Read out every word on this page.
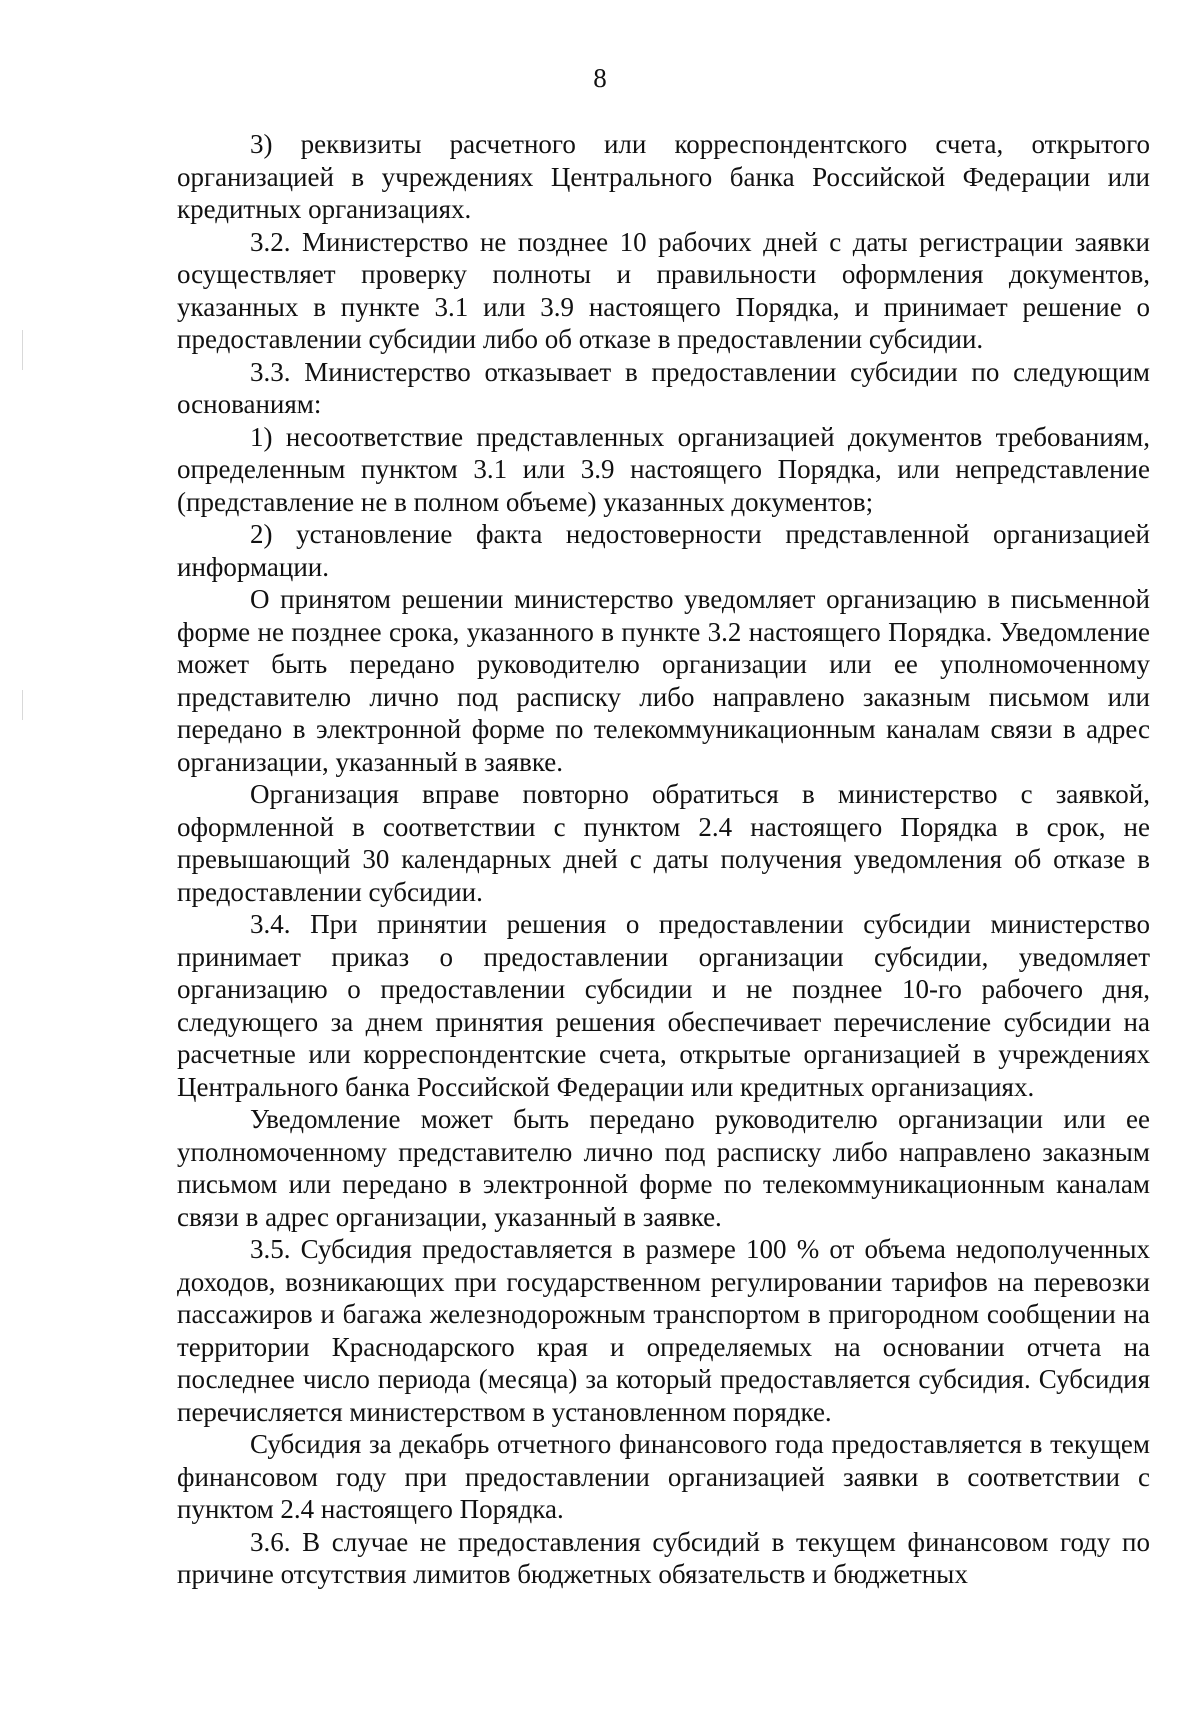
8

3) реквизиты расчетного или корреспондентского счета, открытого организацией в учреждениях Центрального банка Российской Федерации или кредитных организациях.

3.2. Министерство не позднее 10 рабочих дней с даты регистрации заявки осуществляет проверку полноты и правильности оформления документов, указанных в пункте 3.1 или 3.9 настоящего Порядка, и принимает решение о предоставлении субсидии либо об отказе в предоставлении субсидии.

3.3. Министерство отказывает в предоставлении субсидии по следующим основаниям:

1) несоответствие представленных организацией документов требованиям, определенным пунктом 3.1 или 3.9 настоящего Порядка, или непредставление (представление не в полном объеме) указанных документов;

2) установление факта недостоверности представленной организацией информации.

О принятом решении министерство уведомляет организацию в письменной форме не позднее срока, указанного в пункте 3.2 настоящего Порядка. Уведомление может быть передано руководителю организации или ее уполномоченному представителю лично под расписку либо направлено заказным письмом или передано в электронной форме по телекоммуникационным каналам связи в адрес организации, указанный в заявке.

Организация вправе повторно обратиться в министерство с заявкой, оформленной в соответствии с пунктом 2.4 настоящего Порядка в срок, не превышающий 30 календарных дней с даты получения уведомления об отказе в предоставлении субсидии.

3.4. При принятии решения о предоставлении субсидии министерство принимает приказ о предоставлении организации субсидии, уведомляет организацию о предоставлении субсидии и не позднее 10-го рабочего дня, следующего за днем принятия решения обеспечивает перечисление субсидии на расчетные или корреспондентские счета, открытые организацией в учреждениях Центрального банка Российской Федерации или кредитных организациях.

Уведомление может быть передано руководителю организации или ее уполномоченному представителю лично под расписку либо направлено заказным письмом или передано в электронной форме по телекоммуникационным каналам связи в адрес организации, указанный в заявке.

3.5. Субсидия предоставляется в размере 100 % от объема недополученных доходов, возникающих при государственном регулировании тарифов на перевозки пассажиров и багажа железнодорожным транспортом в пригородном сообщении на территории Краснодарского края и определяемых на основании отчета на последнее число периода (месяца) за который предоставляется субсидия. Субсидия перечисляется министерством в установленном порядке.

Субсидия за декабрь отчетного финансового года предоставляется в текущем финансовом году при предоставлении организацией заявки в соответствии с пунктом 2.4 настоящего Порядка.

3.6. В случае не предоставления субсидий в текущем финансовом году по причине отсутствия лимитов бюджетных обязательств и бюджетных
